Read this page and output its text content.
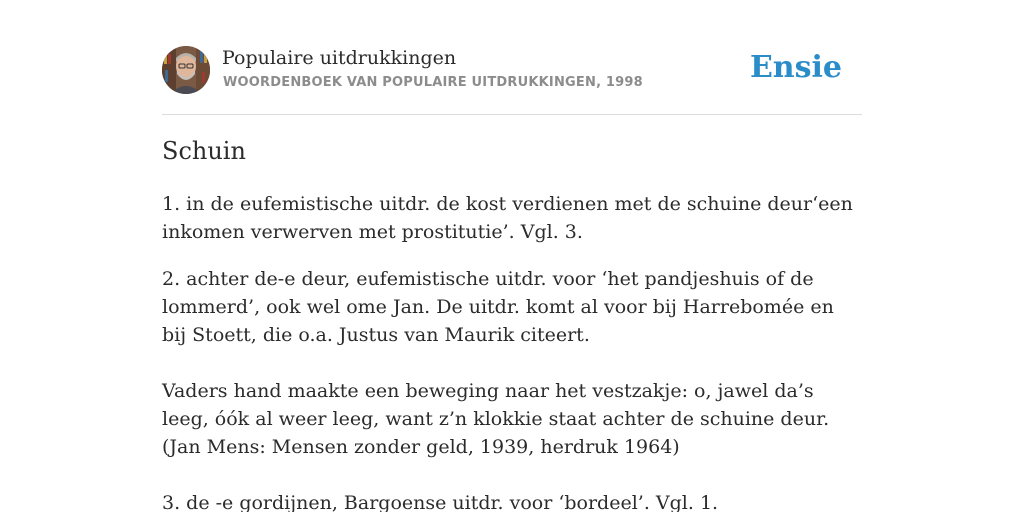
Populaire uitdrukkingen
WOORDENBOEK VAN POPULAIRE UITDRUKKINGEN, 1998	Ensie
Schuin

1. in de eufemistische uitdr. de kost verdienen met de schuine deur‘een inkomen verwerven met prostitutie’. Vgl. 3.

2. achter de-e deur, eufemistische uitdr. voor ‘het pandjeshuis of de lommerd’, ook wel ome Jan. De uitdr. komt al voor bij Harrebomée en bij Stoett, die o.a. Justus van Maurik citeert.

Vaders hand maakte een beweging naar het vestzakje: o, jawel da’s leeg, óók al weer leeg, want z’n klokkie staat achter de schuine deur. (Jan Mens: Mensen zonder geld, 1939, herdruk 1964)

3. de -e gordijnen, Bargoense uitdr. voor ‘bordeel’. Vgl. 1.
